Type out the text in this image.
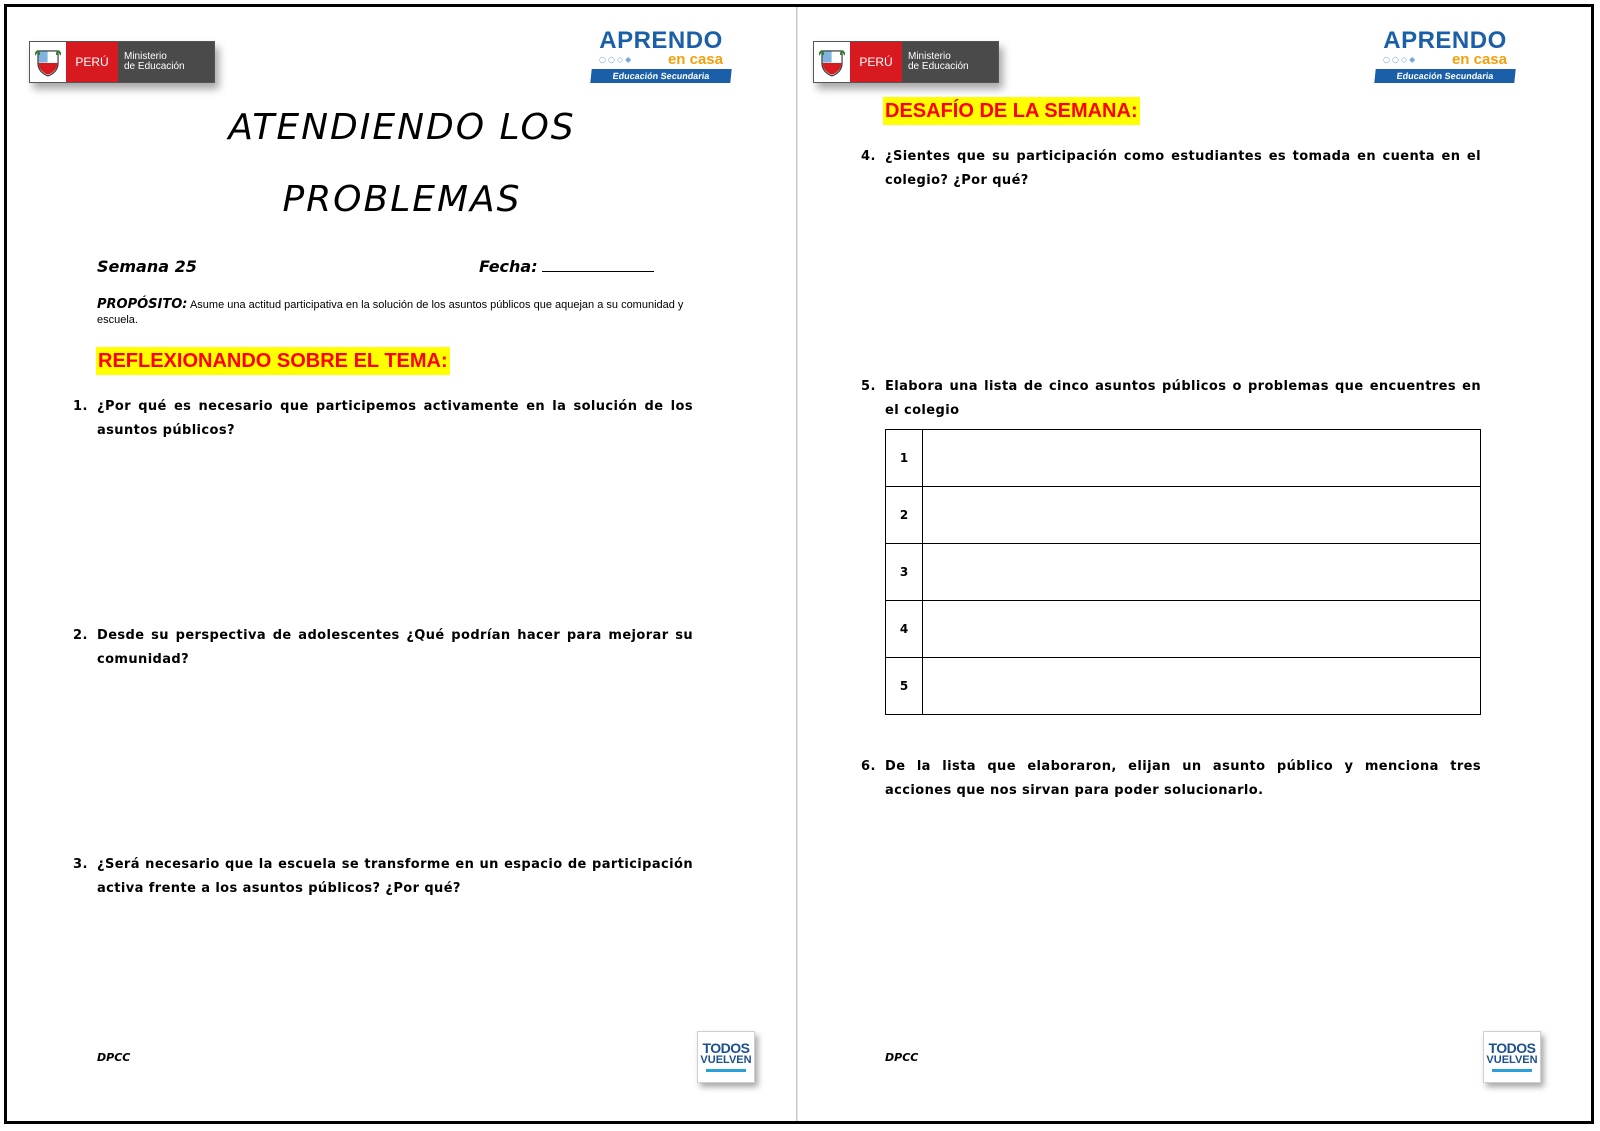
PERÚ	Ministerio
de Educación
APRENDO
○○◇◆	en casa
Educación Secundaria
ATENDIENDO LOS
PROBLEMAS
Semana 25	Fecha:
PROPÓSITO: Asume una actitud participativa en la solución de los asuntos públicos que aquejan a su comunidad y escuela.
REFLEXIONANDO SOBRE EL TEMA:
1. ¿Por qué es necesario que participemos activamente en la solución de los asuntos públicos?
2. Desde su perspectiva de adolescentes ¿Qué podrían hacer para mejorar su comunidad?
3. ¿Será necesario que la escuela se transforme en un espacio de participación activa frente a los asuntos públicos? ¿Por qué?
DPCC
TODOS
VUELVEN
PERÚ	Ministerio
de Educación
APRENDO
○○◇◆	en casa
Educación Secundaria
DESAFÍO DE LA SEMANA:
4. ¿Sientes que su participación como estudiantes es tomada en cuenta en el colegio? ¿Por qué?
5. Elabora una lista de cinco asuntos públicos o problemas que encuentres en el colegio
1	
2	
3	
4	
5	
6. De la lista que elaboraron, elijan un asunto público y menciona tres acciones que nos sirvan para poder solucionarlo.
DPCC
TODOS
VUELVEN
